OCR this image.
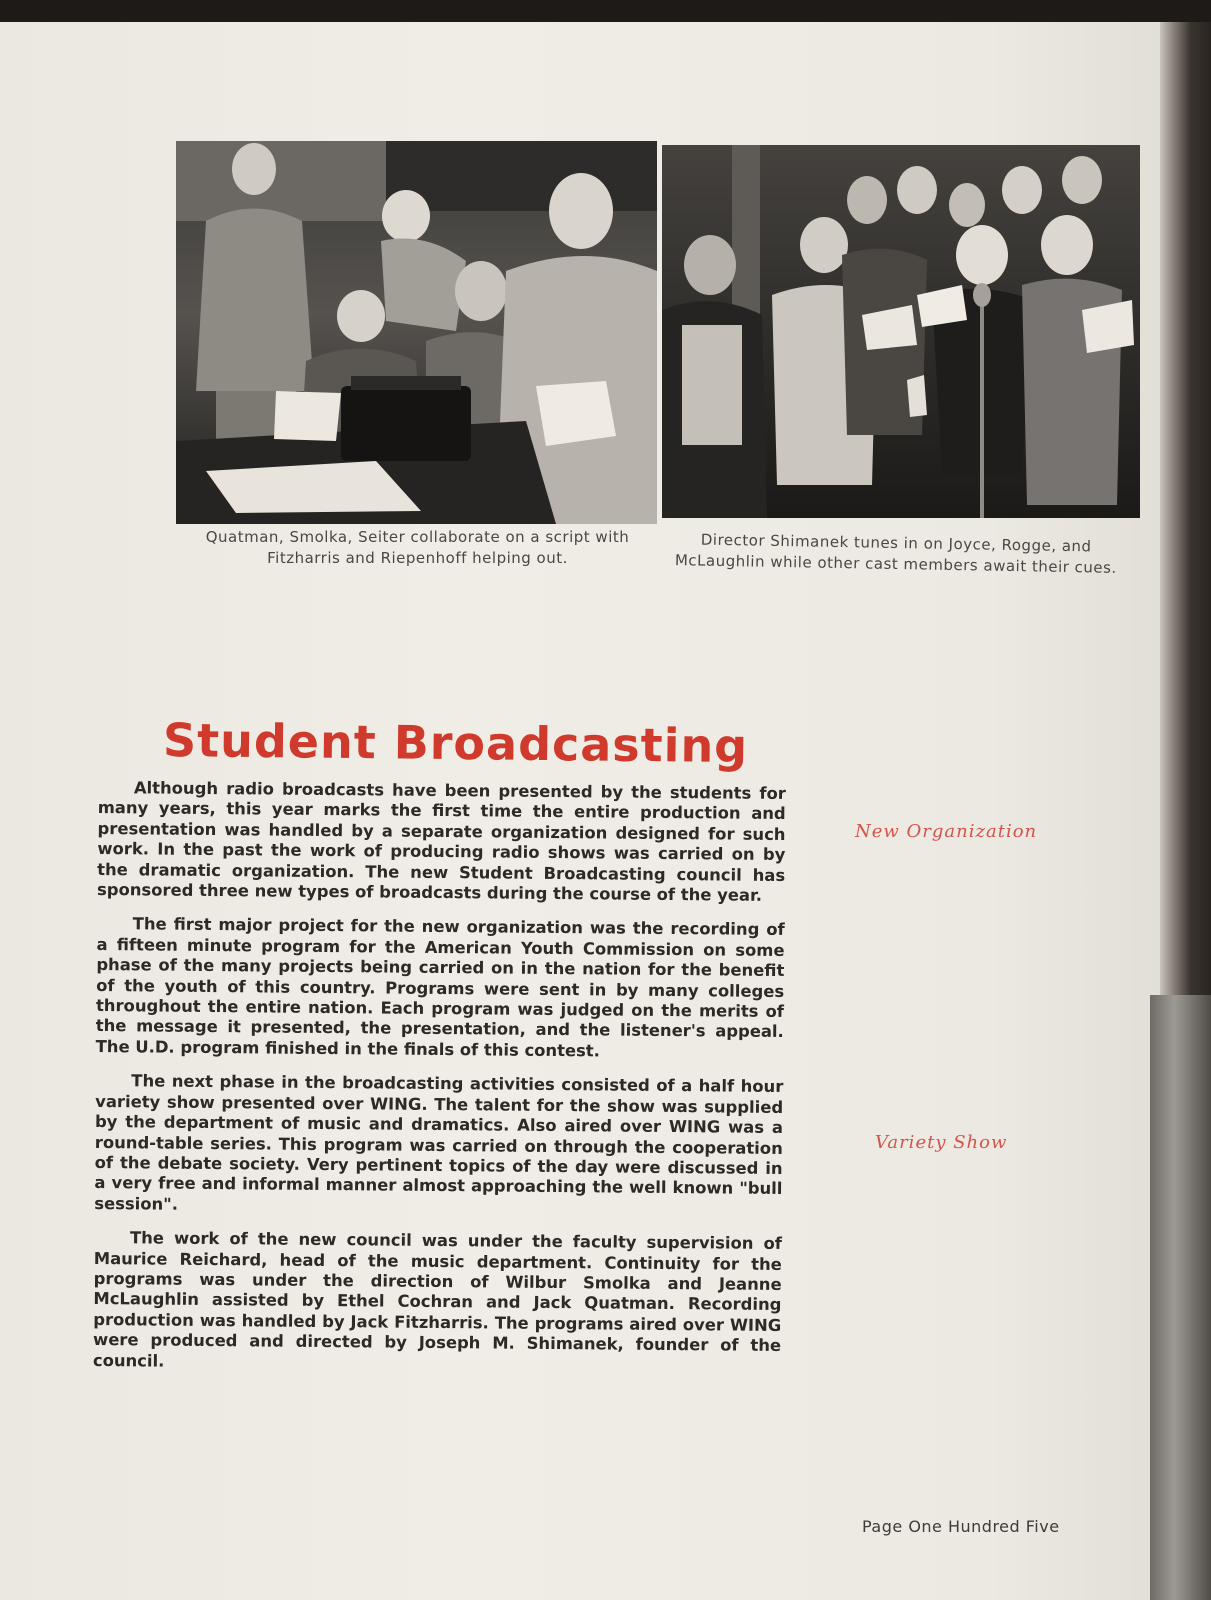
Quatman, Smolka, Seiter collaborate on a script with Fitzharris and Riepenhoff helping out.
Director Shimanek tunes in on Joyce, Rogge, and McLaughlin while other cast members await their cues.
Student Broadcasting

Although radio broadcasts have been presented by the students for many years, this year marks the first time the entire production and presentation was handled by a separate organization designed for such work. In the past the work of producing radio shows was carried on by the dramatic organization. The new Student Broadcasting council has sponsored three new types of broadcasts during the course of the year.

The first major project for the new organization was the recording of a fifteen minute program for the American Youth Commission on some phase of the many projects being carried on in the nation for the benefit of the youth of this country. Programs were sent in by many colleges throughout the entire nation. Each program was judged on the merits of the message it presented, the presentation, and the listener's appeal. The U.D. program finished in the finals of this contest.

The next phase in the broadcasting activities consisted of a half hour variety show presented over WING. The talent for the show was supplied by the department of music and dramatics. Also aired over WING was a round-table series. This program was carried on through the cooperation of the debate society. Very pertinent topics of the day were discussed in a very free and informal manner almost approaching the well known "bull session".

The work of the new council was under the faculty supervision of Maurice Reichard, head of the music department. Continuity for the programs was under the direction of Wilbur Smolka and Jeanne McLaughlin assisted by Ethel Cochran and Jack Quatman. Recording production was handled by Jack Fitzharris. The programs aired over WING were produced and directed by Joseph M. Shimanek, founder of the council.

New Organization
Variety Show
Page One Hundred Five
